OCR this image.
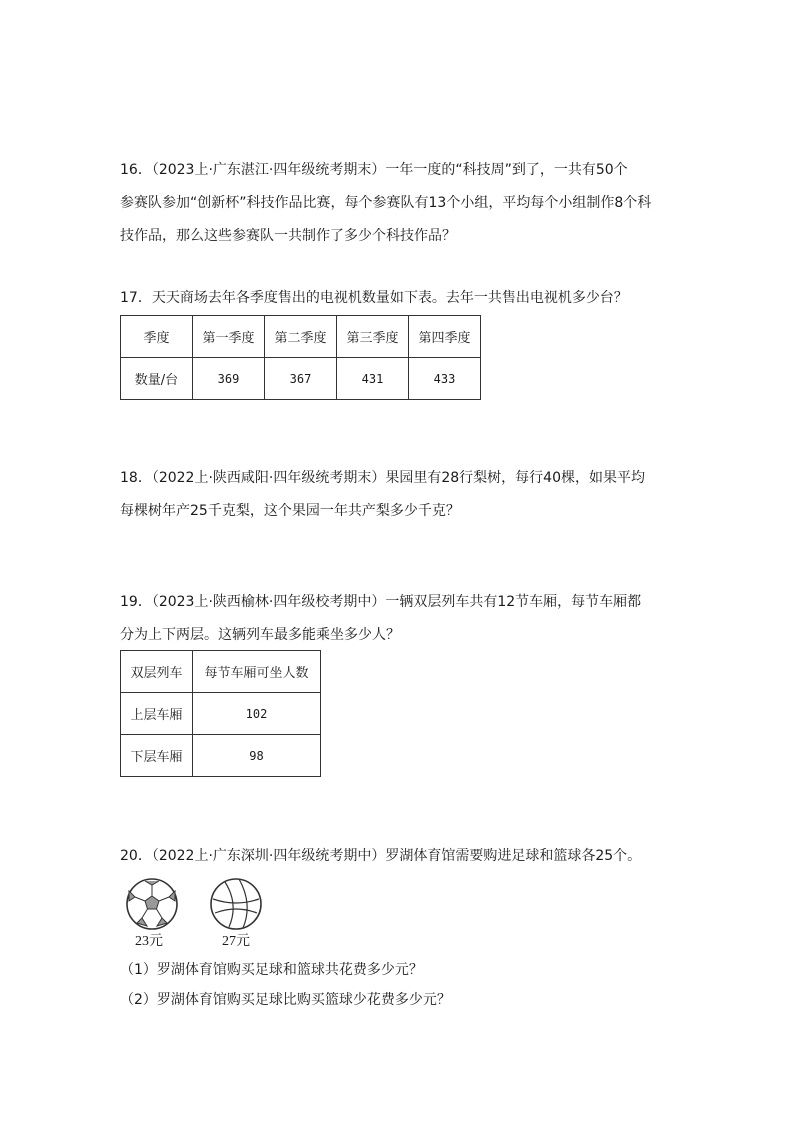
16．（2023上·广东湛江·四年级统考期末）一年一度的“科技周”到了，一共有50个

参赛队参加“创新杯”科技作品比赛，每个参赛队有13个小组，平均每个小组制作8个科

技作品，那么这些参赛队一共制作了多少个科技作品？

17．天天商场去年各季度售出的电视机数量如下表。去年一共售出电视机多少台？

季度	第一季度	第二季度	第三季度	第四季度
数量/台	369	367	431	433

18．（2022上·陕西咸阳·四年级统考期末）果园里有28行梨树，每行40棵，如果平均

每棵树年产25千克梨，这个果园一年共产梨多少千克？

19．（2023上·陕西榆林·四年级校考期中）一辆双层列车共有12节车厢，每节车厢都

分为上下两层。这辆列车最多能乘坐多少人？

双层列车	每节车厢可坐人数
上层车厢	102
下层车厢	98

20．（2022上·广东深圳·四年级统考期中）罗湖体育馆需要购进足球和篮球各25个。

23元	27元
（1）罗湖体育馆购买足球和篮球共花费多少元？
（2）罗湖体育馆购买足球比购买篮球少花费多少元？
